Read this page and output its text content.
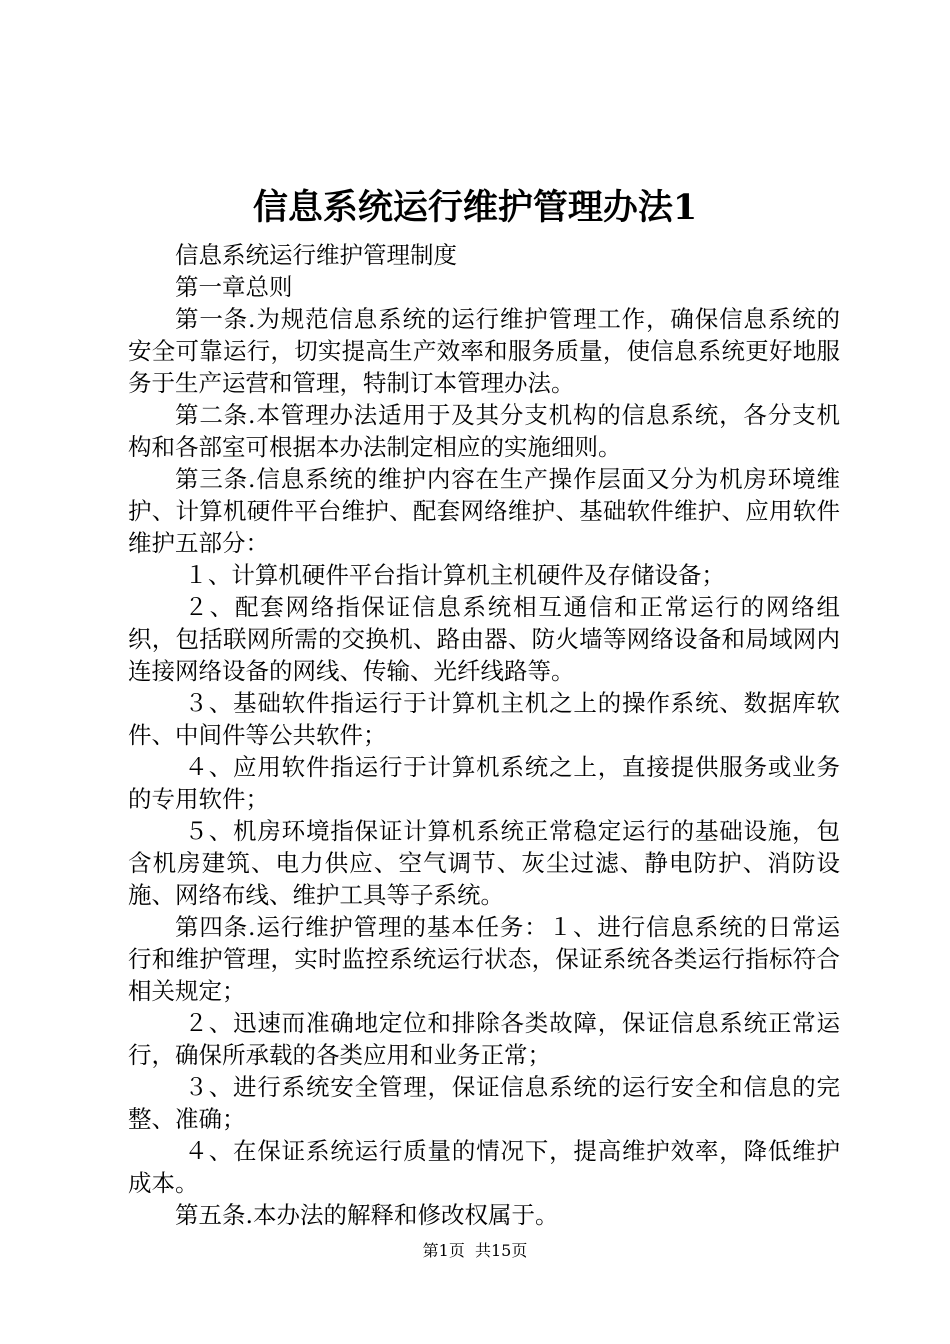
信息系统运行维护管理办法1

信息系统运行维护管理制度

第一章总则

第一条.为规范信息系统的运行维护管理工作，确保信息系统的安全可靠运行，切实提高生产效率和服务质量，使信息系统更好地服务于生产运营和管理，特制订本管理办法。

第二条.本管理办法适用于及其分支机构的信息系统，各分支机构和各部室可根据本办法制定相应的实施细则。

第三条.信息系统的维护内容在生产操作层面又分为机房环境维护、计算机硬件平台维护、配套网络维护、基础软件维护、应用软件维护五部分：

１、计算机硬件平台指计算机主机硬件及存储设备；

２、配套网络指保证信息系统相互通信和正常运行的网络组织，包括联网所需的交换机、路由器、防火墙等网络设备和局域网内连接网络设备的网线、传输、光纤线路等。

３、基础软件指运行于计算机主机之上的操作系统、数据库软件、中间件等公共软件；

４、应用软件指运行于计算机系统之上，直接提供服务或业务的专用软件；

５、机房环境指保证计算机系统正常稳定运行的基础设施，包含机房建筑、电力供应、空气调节、灰尘过滤、静电防护、消防设施、网络布线、维护工具等子系统。

第四条.运行维护管理的基本任务：１、进行信息系统的日常运行和维护管理，实时监控系统运行状态，保证系统各类运行指标符合相关规定；

２、迅速而准确地定位和排除各类故障，保证信息系统正常运行，确保所承载的各类应用和业务正常；

３、进行系统安全管理，保证信息系统的运行安全和信息的完整、准确；

４、在保证系统运行质量的情况下，提高维护效率，降低维护成本。

第五条.本办法的解释和修改权属于。

第1页  共15页
